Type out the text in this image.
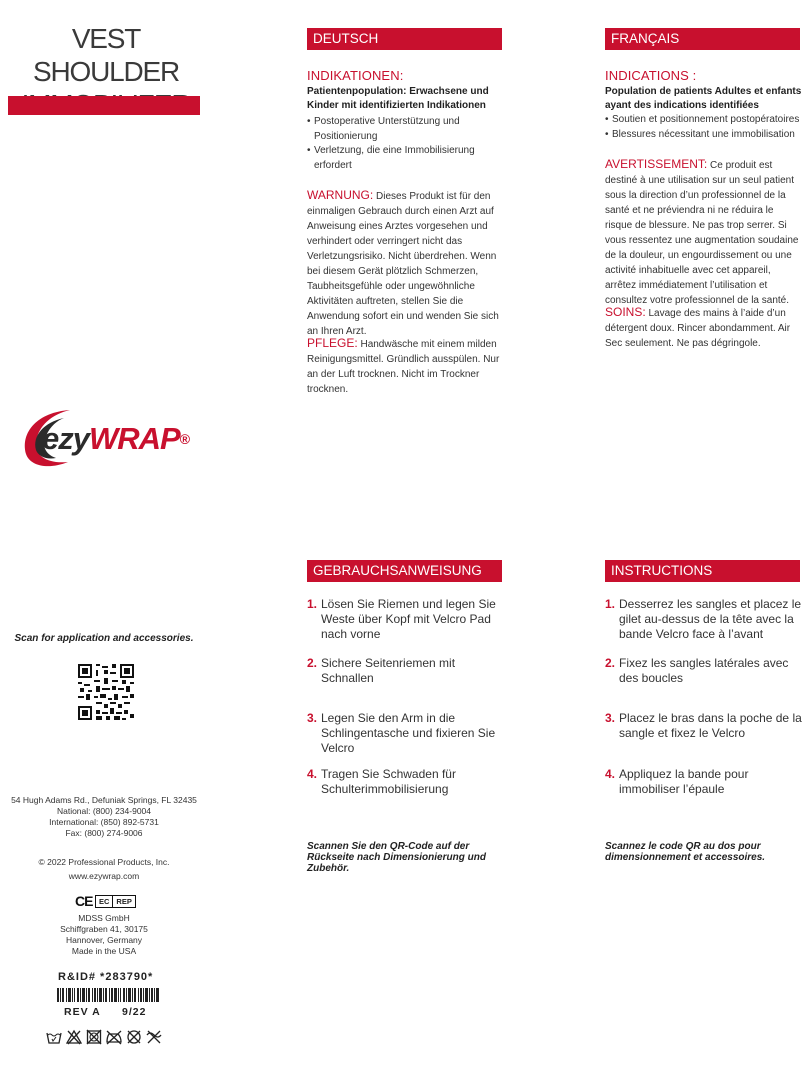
VEST SHOULDER
ezyWRAP®
Scan for application and accessories.
54 Hugh Adams Rd., Defuniak Springs, FL 32435
National: (800) 234-9004
International: (850) 892-5731
Fax: (800) 274-9006
© 2022 Professional Products, Inc.
www.ezywrap.com
CE EC REP
MDSS GmbH
Schiffgraben 41, 30175
Hannover, Germany
Made in the USA
R&ID# *283790*
REV A 9/22
DEUTSCH
INDIKATIONEN:
Patientenpopulation: Erwachsene und Kinder mit identifizierten Indikationen
• Postoperative Unterstützung und Positionierung
• Verletzung, die eine Immobilisierung erfordert
WARNUNG: Dieses Produkt ist für den einmaligen Gebrauch durch einen Arzt auf Anweisung eines Arztes vorgesehen und verhindert oder verringert nicht das Verletzungsrisiko. Nicht überdrehen. Wenn bei diesem Gerät plötzlich Schmerzen, Taubheitsgefühle oder ungewöhnliche Aktivitäten auftreten, stellen Sie die Anwendung sofort ein und wenden Sie sich an Ihren Arzt.
PFLEGE: Handwäsche mit einem milden Reinigungsmittel. Gründlich ausspülen. Nur an der Luft trocknen. Nicht im Trockner trocknen.
GEBRAUCHSANWEISUNG
1. Lösen Sie Riemen und legen Sie Weste über Kopf mit Velcro Pad nach vorne
2. Sichere Seitenriemen mit Schnallen
3. Legen Sie den Arm in die Schlingentasche und fixieren Sie Velcro
4. Tragen Sie Schwaden für Schulterimmobilisierung
Scannen Sie den QR-Code auf der Rückseite nach Dimensionierung und Zubehör.
FRANÇAIS
INDICATIONS :
Population de patients Adultes et enfants ayant des indications identifiées
• Soutien et positionnement postopératoires
• Blessures nécessitant une immobilisation
AVERTISSEMENT: Ce produit est destiné à une utilisation sur un seul patient sous la direction d’un professionnel de la santé et ne préviendra ni ne réduira le risque de blessure. Ne pas trop serrer. Si vous ressentez une augmentation soudaine de la douleur, un engourdissement ou une activité inhabituelle avec cet appareil, arrêtez immédiatement l’utilisation et consultez votre professionnel de la santé.
SOINS: Lavage des mains à l’aide d’un détergent doux. Rincer abondamment. Air Sec seulement. Ne pas dégringole.
INSTRUCTIONS D’UTILISATION
1. Desserrez les sangles et placez le gilet au-dessus de la tête avec la bande Velcro face à l’avant
2. Fixez les sangles latérales avec des boucles
3. Placez le bras dans la poche de la sangle et fixez le Velcro
4. Appliquez la bande pour immobiliser l’épaule
Scannez le code QR au dos pour dimensionnement et accessoires.
